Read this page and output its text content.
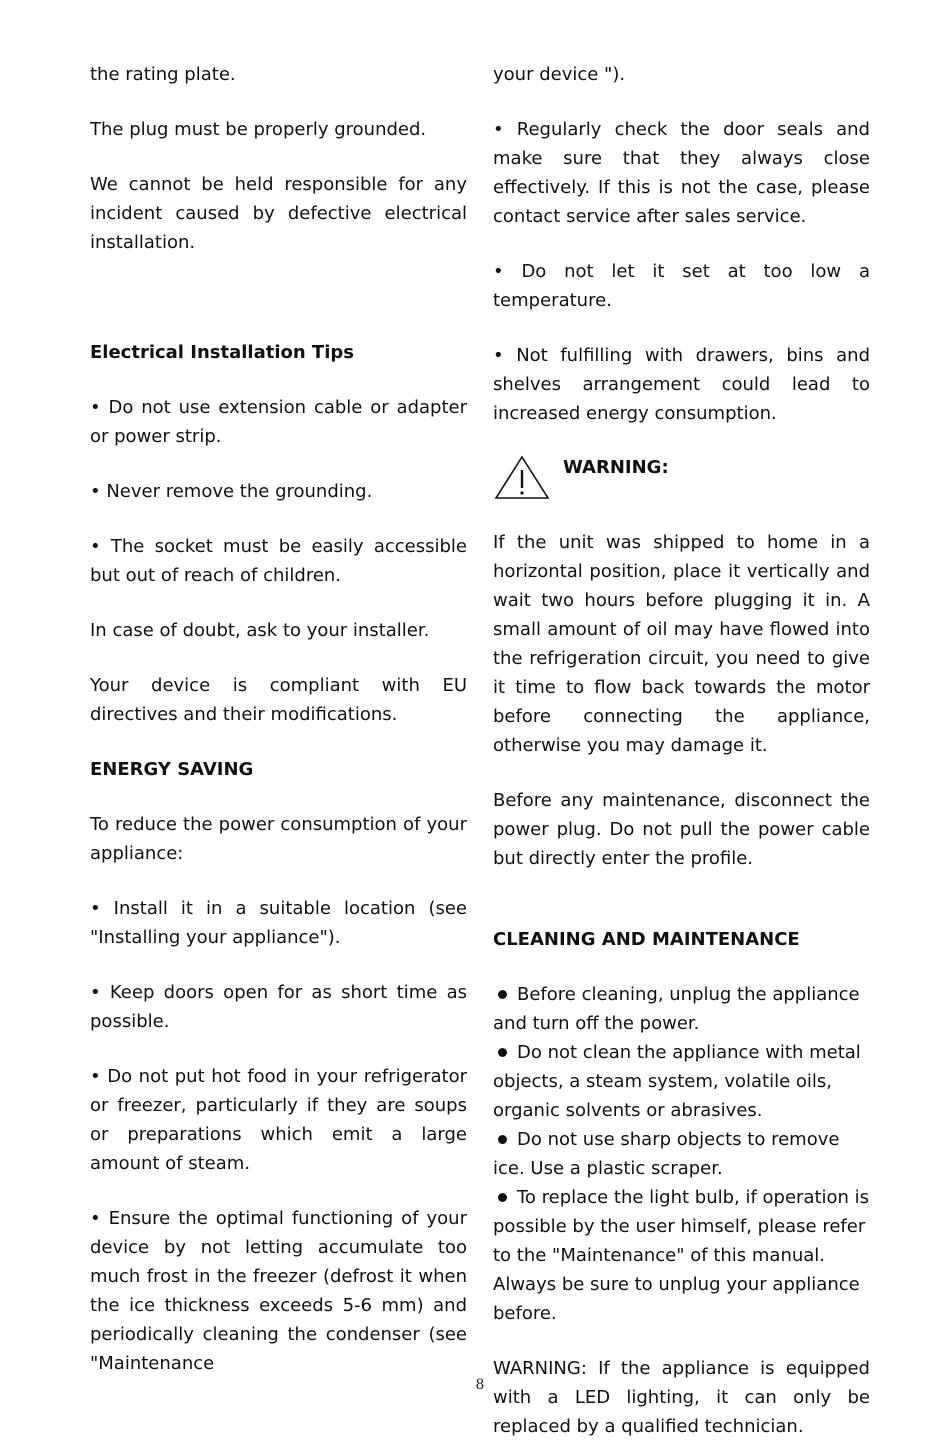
the rating plate.

The plug must be properly grounded.

We cannot be held responsible for any incident caused by defective electrical installation.

Electrical Installation Tips

• Do not use extension cable or adapter or power strip.

• Never remove the grounding.

• The socket must be easily accessible but out of reach of children.

In case of doubt, ask to your installer.

Your device is compliant with EU directives and their modifications.

ENERGY SAVING

To reduce the power consumption of your appliance:

• Install it in a suitable location (see "Installing your appliance").

• Keep doors open for as short time as possible.

• Do not put hot food in your refrigerator or freezer, particularly if they are soups or preparations which emit a large amount of steam.

• Ensure the optimal functioning of your device by not letting accumulate too much frost in the freezer (defrost it when the ice thickness exceeds 5-6 mm) and periodically cleaning the condenser (see "Maintenance

your device ").

• Regularly check the door seals and make sure that they always close effectively. If this is not the case, please contact service after sales service.

• Do not let it set at too low a temperature.

• Not fulfilling with drawers, bins and shelves arrangement could lead to increased energy consumption.

WARNING:

If the unit was shipped to home in a horizontal position, place it vertically and wait two hours before plugging it in. A small amount of oil may have flowed into the refrigeration circuit, you need to give it time to flow back towards the motor before connecting the appliance, otherwise you may damage it.

Before any maintenance, disconnect the power plug. Do not pull the power cable but directly enter the profile.

CLEANING AND MAINTENANCE

Before cleaning, unplug the appliance and turn off the power.

Do not clean the appliance with metal objects, a steam system, volatile oils, organic solvents or abrasives.

Do not use sharp objects to remove ice. Use a plastic scraper.

To replace the light bulb, if operation is possible by the user himself, please refer to the "Maintenance" of this manual. Always be sure to unplug your appliance before.

WARNING: If the appliance is equipped with a LED lighting, it can only be replaced by a qualified technician.

8
